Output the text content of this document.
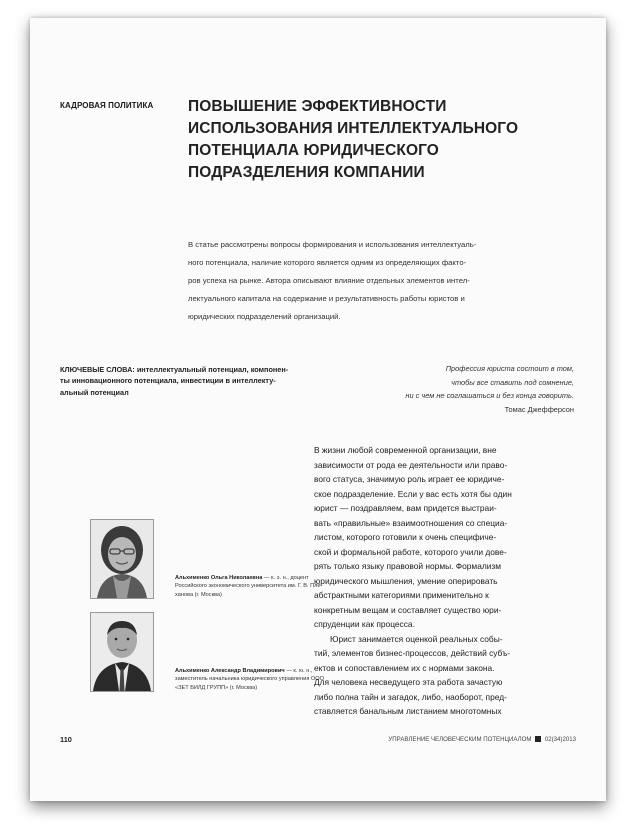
КАДРОВАЯ ПОЛИТИКА ПОВЫШЕНИЕ ЭФФЕКТИВНОСТИ
ИСПОЛЬЗОВАНИЯ ИНТЕЛЛЕКТУАЛЬНОГО
ПОТЕНЦИАЛА ЮРИДИЧЕСКОГО
ПОДРАЗДЕЛЕНИЯ КОМПАНИИ
В статье рассмотрены вопросы формирования и использования интеллектуаль-
ного потенциала, наличие которого является одним из определяющих факто-
ров успеха на рынке. Автора описывают влияние отдельных элементов интел-
лектуального капитала на содержание и результативность работы юристов и
юридических подразделений организаций.
КЛЮЧЕВЫЕ СЛОВА: интеллектуальный потенциал, компонен-
ты инновационного потенциала, инвестиции в интеллекту-
альный потенциал
Профессия юриста состоит в том,
чтобы все ставить под сомнение,
ни с чем не соглашаться и без конца говорить.
Томас Джефферсон
В жизни любой современной организации, вне
зависимости от рода ее деятельности или право-
вого статуса, значимую роль играет ее юридиче-
ское подразделение. Если у вас есть хотя бы один
юрист — поздравляем, вам придется выстраи-
вать «правильные» взаимоотношения со специа-
листом, которого готовили к очень специфиче-
ской и формальной работе, которого учили дове-
рять только языку правовой нормы. Формализм
юридического мышления, умение оперировать
абстрактными категориями применительно к
конкретным вещам и составляет существо юри-
спруденции как процесса.
Юрист занимается оценкой реальных собы-
тий, элементов бизнес-процессов, действий субъ-
ектов и сопоставлением их с нормами закона.
Для человека несведущего эта работа зачастую
либо полна тайн и загадок, либо, наоборот, пред-
ставляется банальным листанием многотомных
Альхименко Ольга Николаевна — к. э. н., доцент
Российского экономического университета им. Г. В. Пле-
ханова (г. Москва)
Альхименко Александр Владимирович — к. ю. н.,
заместитель начальника юридического управления ООО
«ЗЕТ БИЛД ГРУПП» (г. Москва)
110	УПРАВЛЕНИЕ ЧЕЛОВЕЧЕСКИМ ПОТЕНЦИАЛОМ 02(34)2013
